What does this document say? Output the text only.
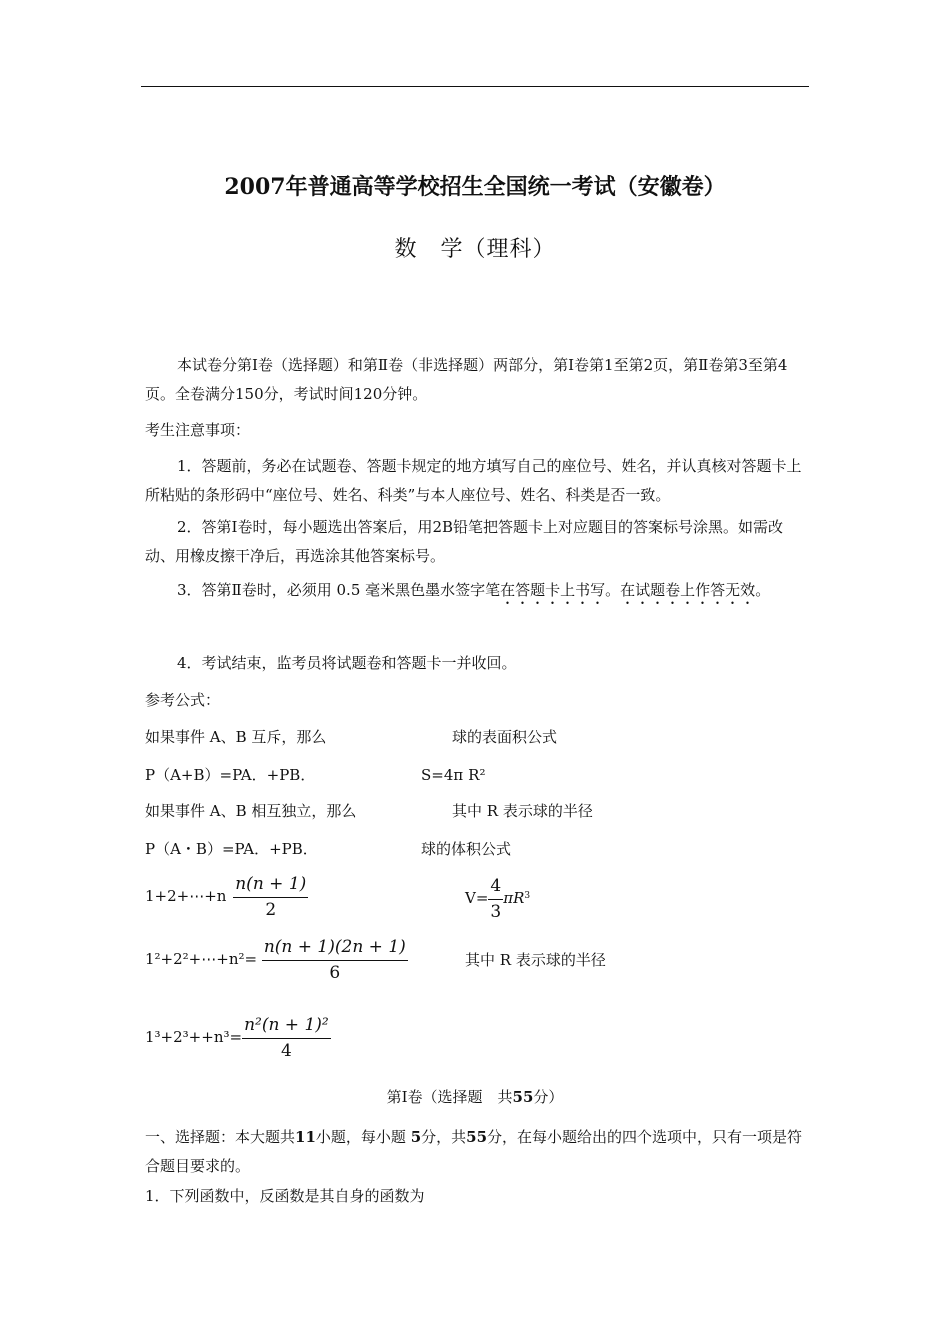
2007年普通高等学校招生全国统一考试（安徽卷）
数　学（理科）
本试卷分第Ⅰ卷（选择题）和第Ⅱ卷（非选择题）两部分，第Ⅰ卷第1至第2页，第Ⅱ卷第3至第4页。全卷满分150分，考试时间120分钟。
考生注意事项：
1．答题前，务必在试题卷、答题卡规定的地方填写自己的座位号、姓名，并认真核对答题卡上所粘贴的条形码中“座位号、姓名、科类”与本人座位号、姓名、科类是否一致。
2．答第Ⅰ卷时，每小题选出答案后，用2B铅笔把答题卡上对应题目的答案标号涂黑。如需改动、用橡皮擦干净后，再选涂其他答案标号。
3．答第Ⅱ卷时，必须用 0.5 毫米黑色墨水签字笔在答题卡上书写。在试题卷上作答无效。
4．考试结束，监考员将试题卷和答题卡一并收回。
参考公式：
如果事件 A、B 互斥，那么	球的表面积公式
P（A+B）=PA．+PB．	S=4п R²
如果事件 A、B 相互独立，那么	其中 R 表示球的半径
P（A・B）=PA．+PB．	球的体积公式
1+2+⋯+n $\frac{n(n + 1)}{2}$	$V= \frac{4}{3} \pi R^3$
1²+2²+⋯+n²= $\frac{n(n + 1)(2n + 1)}{6}$	其中 R 表示球的半径
$1^3+2^3++n^3= \frac{\text{n²(n + 1)²}}{4}$
第Ⅰ卷（选择题　共55分）
一、选择题：本大题共11小题，每小题 5分，共55分，在每小题给出的四个选项中，只有一项是符合题目要求的。
1．下列函数中，反函数是其自身的函数为
